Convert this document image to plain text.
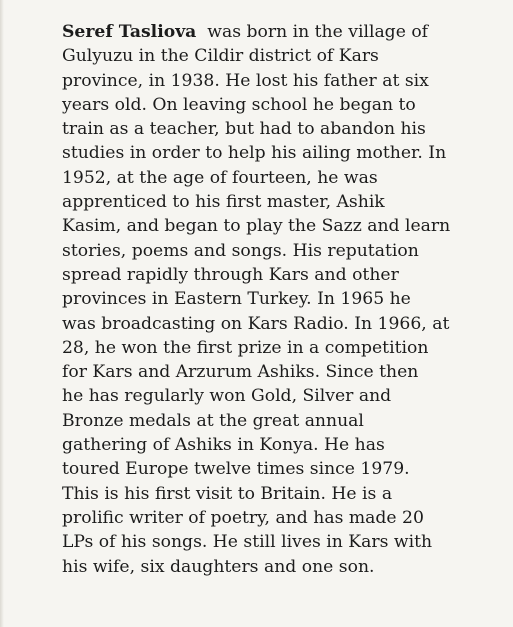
Seref Tasliova  was born in the village of
Gulyuzu in the Cildir district of Kars
province, in 1938. He lost his father at six
years old. On leaving school he began to
train as a teacher, but had to abandon his
studies in order to help his ailing mother. In
1952, at the age of fourteen, he was
apprenticed to his first master, Ashik
Kasim, and began to play the Sazz and learn
stories, poems and songs. His reputation
spread rapidly through Kars and other
provinces in Eastern Turkey. In 1965 he
was broadcasting on Kars Radio. In 1966, at
28, he won the first prize in a competition
for Kars and Arzurum Ashiks. Since then
he has regularly won Gold, Silver and
Bronze medals at the great annual
gathering of Ashiks in Konya. He has
toured Europe twelve times since 1979.
This is his first visit to Britain. He is a
prolific writer of poetry, and has made 20
LPs of his songs. He still lives in Kars with
his wife, six daughters and one son.
